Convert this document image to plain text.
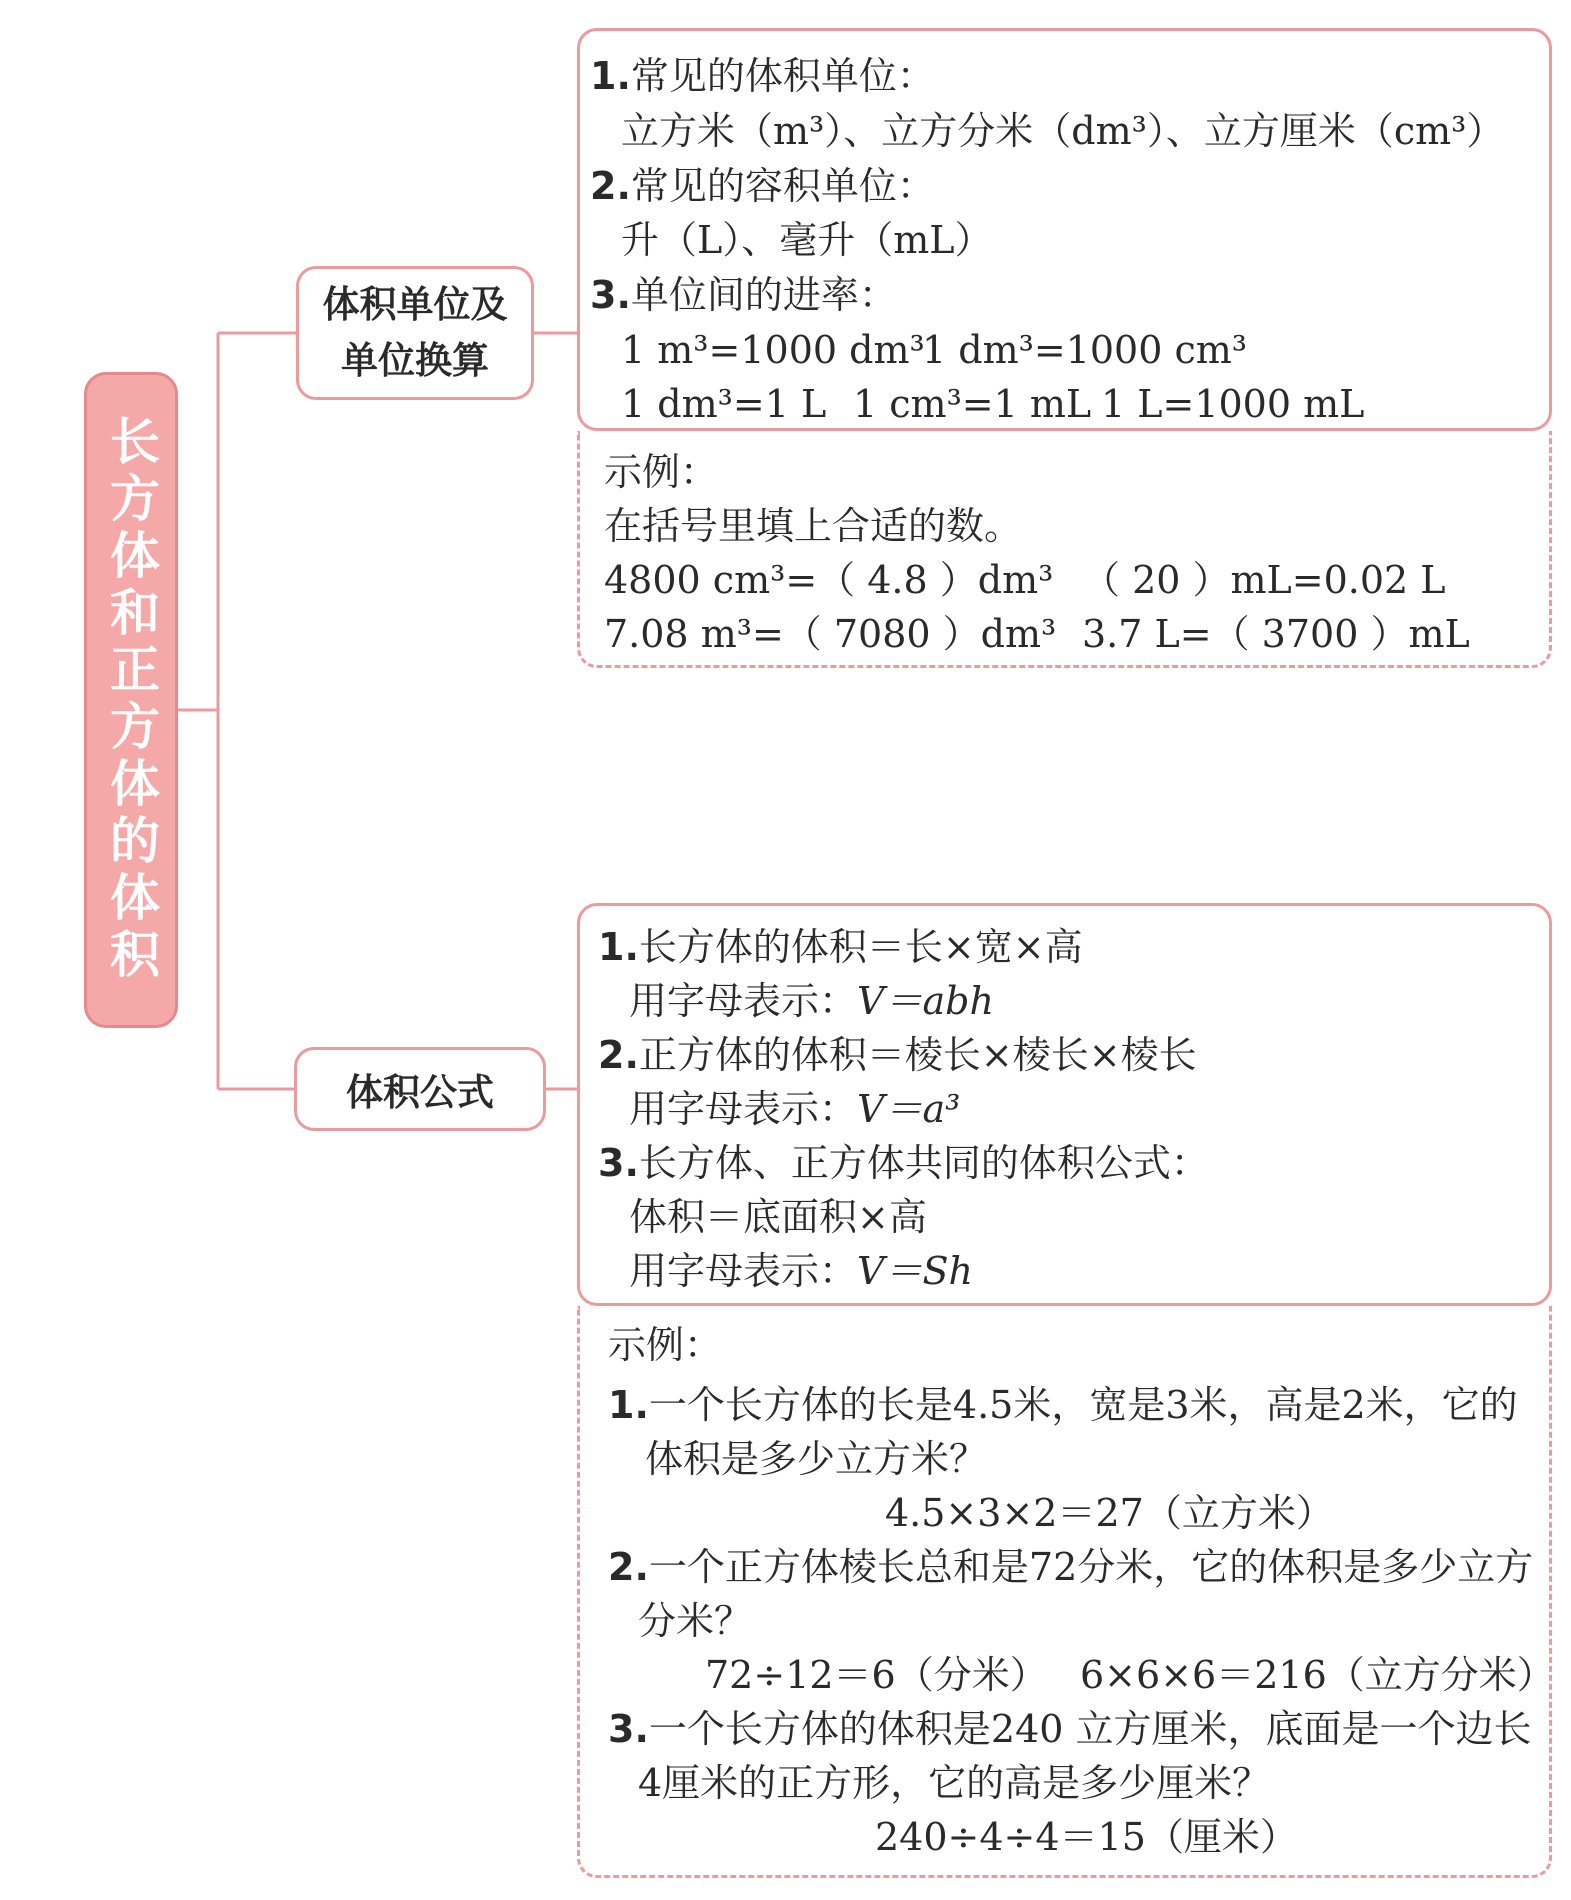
长方体和正方体的体积
体积单位及单位换算
体积公式
1.常见的体积单位：
立方米（m³）、立方分米（dm³）、立方厘米（cm³）
2.常见的容积单位：
升（L）、毫升（mL）
3.单位间的进率：
1 m³=1000 dm³
1 dm³=1000 cm³
1 dm³=1 L 1 cm³=1 mL 1 L=1000 mL
示例：
在括号里填上合适的数。
4800 cm³=（ 4.8 ）dm³ （ 20 ）mL=0.02 L
7.08 m³=（ 7080 ）dm³ 3.7 L=（ 3700 ）mL
1.长方体的体积＝长×宽×高
用字母表示：V＝abh
2.正方体的体积＝棱长×棱长×棱长
用字母表示：V＝a³
3.长方体、正方体共同的体积公式：
体积＝底面积×高
用字母表示：V＝Sh
示例：
1.一个长方体的长是4.5米，宽是3米，高是2米，它的
体积是多少立方米？
4.5×3×2＝27（立方米）
2.一个正方体棱长总和是72分米，它的体积是多少立方
分米？
72÷12＝6（分米） 6×6×6＝216（立方分米）
3.一个长方体的体积是240 立方厘米，底面是一个边长
4厘米的正方形，它的高是多少厘米？
240÷4÷4＝15（厘米）
